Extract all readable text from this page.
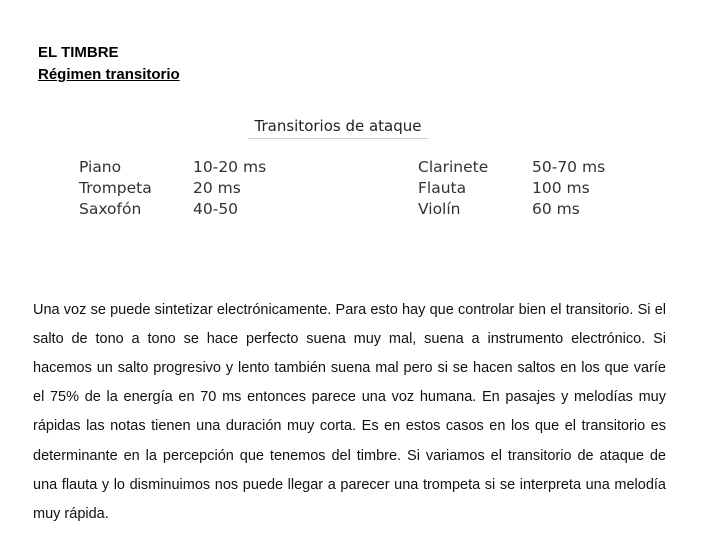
EL TIMBRE
Régimen transitorio
Transitorios de ataque
Piano
Trompeta
Saxofón
10-20 ms
20 ms
40-50
Clarinete
Flauta
Violín
50-70 ms
100 ms
60 ms

Una voz se puede sintetizar electrónicamente. Para esto hay que controlar bien el transitorio. Si el salto de tono a tono se hace perfecto suena muy mal, suena a instrumento electrónico. Si hacemos un salto progresivo y lento también suena mal pero si se hacen saltos en los que varíe el 75% de la energía en 70 ms entonces parece una voz humana. En pasajes y melodías muy rápidas las notas tienen una duración muy corta. Es en estos casos en los que el transitorio es determinante en la percepción que tenemos del timbre. Si variamos el transitorio de ataque de una flauta y lo disminuimos nos puede llegar a parecer una trompeta si se interpreta una melodía muy rápida.
